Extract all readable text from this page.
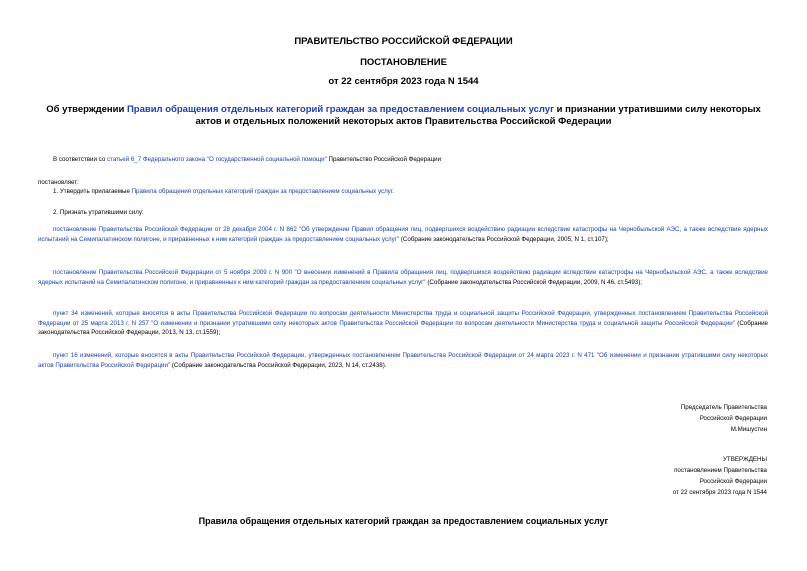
ПРАВИТЕЛЬСТВО РОССИЙСКОЙ ФЕДЕРАЦИИ
ПОСТАНОВЛЕНИЕ
от 22 сентября 2023 года N 1544
Об утверждении Правил обращения отдельных категорий граждан за предоставлением социальных услуг и признании утратившими силу некоторых актов и отдельных положений некоторых актов Правительства Российской Федерации
В соответствии со статьей 6_7 Федерального закона "О государственной социальной помощи" Правительство Российской Федерации
постановляет:
1. Утвердить прилагаемые Правила обращения отдельных категорий граждан за предоставлением социальных услуг.
2. Признать утратившими силу:
постановление Правительства Российской Федерации от 28 декабря 2004 г. N 862 "Об утверждении Правил обращения лиц, подвергшихся воздействию радиации вследствие катастрофы на Чернобыльской АЭС, а также вследствие ядерных испытаний на Семипалатинском полигоне, и приравненных к ним категорий граждан за предоставлением социальных услуг" (Собрание законодательства Российской Федерации, 2005, N 1, ст.107);
постановление Правительства Российской Федерации от 5 ноября 2009 г. N 900 "О внесении изменений в Правила обращения лиц, подвергшихся воздействию радиации вследствие катастрофы на Чернобыльской АЭС, а также вследствие ядерных испытаний на Семипалатинском полигоне, и приравненных к ним категорий граждан за предоставлением социальных услуг" (Собрание законодательства Российской Федерации, 2009, N 46, ст.5493);
пункт 34 изменений, которые вносятся в акты Правительства Российской Федерации по вопросам деятельности Министерства труда и социальной защиты Российской Федерации, утвержденных постановлением Правительства Российской Федерации от 25 марта 2013 г. N 257 "О изменении и признании утратившими силу некоторых актов Правительства Российской Федерации по вопросам деятельности Министерства труда и социальной защиты Российской Федерации" (Собрание законодательства Российской Федерации, 2013, N 13, ст.1559);
пункт 16 изменений, которые вносятся в акты Правительства Российской Федерации, утвержденных постановлением Правительства Российской Федерации от 24 марта 2023 г. N 471 "Об изменении и признании утратившими силу некоторых актов Правительства Российской Федерации" (Собрание законодательства Российской Федерации, 2023, N 14, ст.2438).
Председатель Правительства
Российской Федерации
М.Мишустин
УТВЕРЖДЕНЫ
постановлением Правительства
Российской Федерации
от 22 сентября 2023 года N 1544
Правила обращения отдельных категорий граждан за предоставлением социальных услуг
